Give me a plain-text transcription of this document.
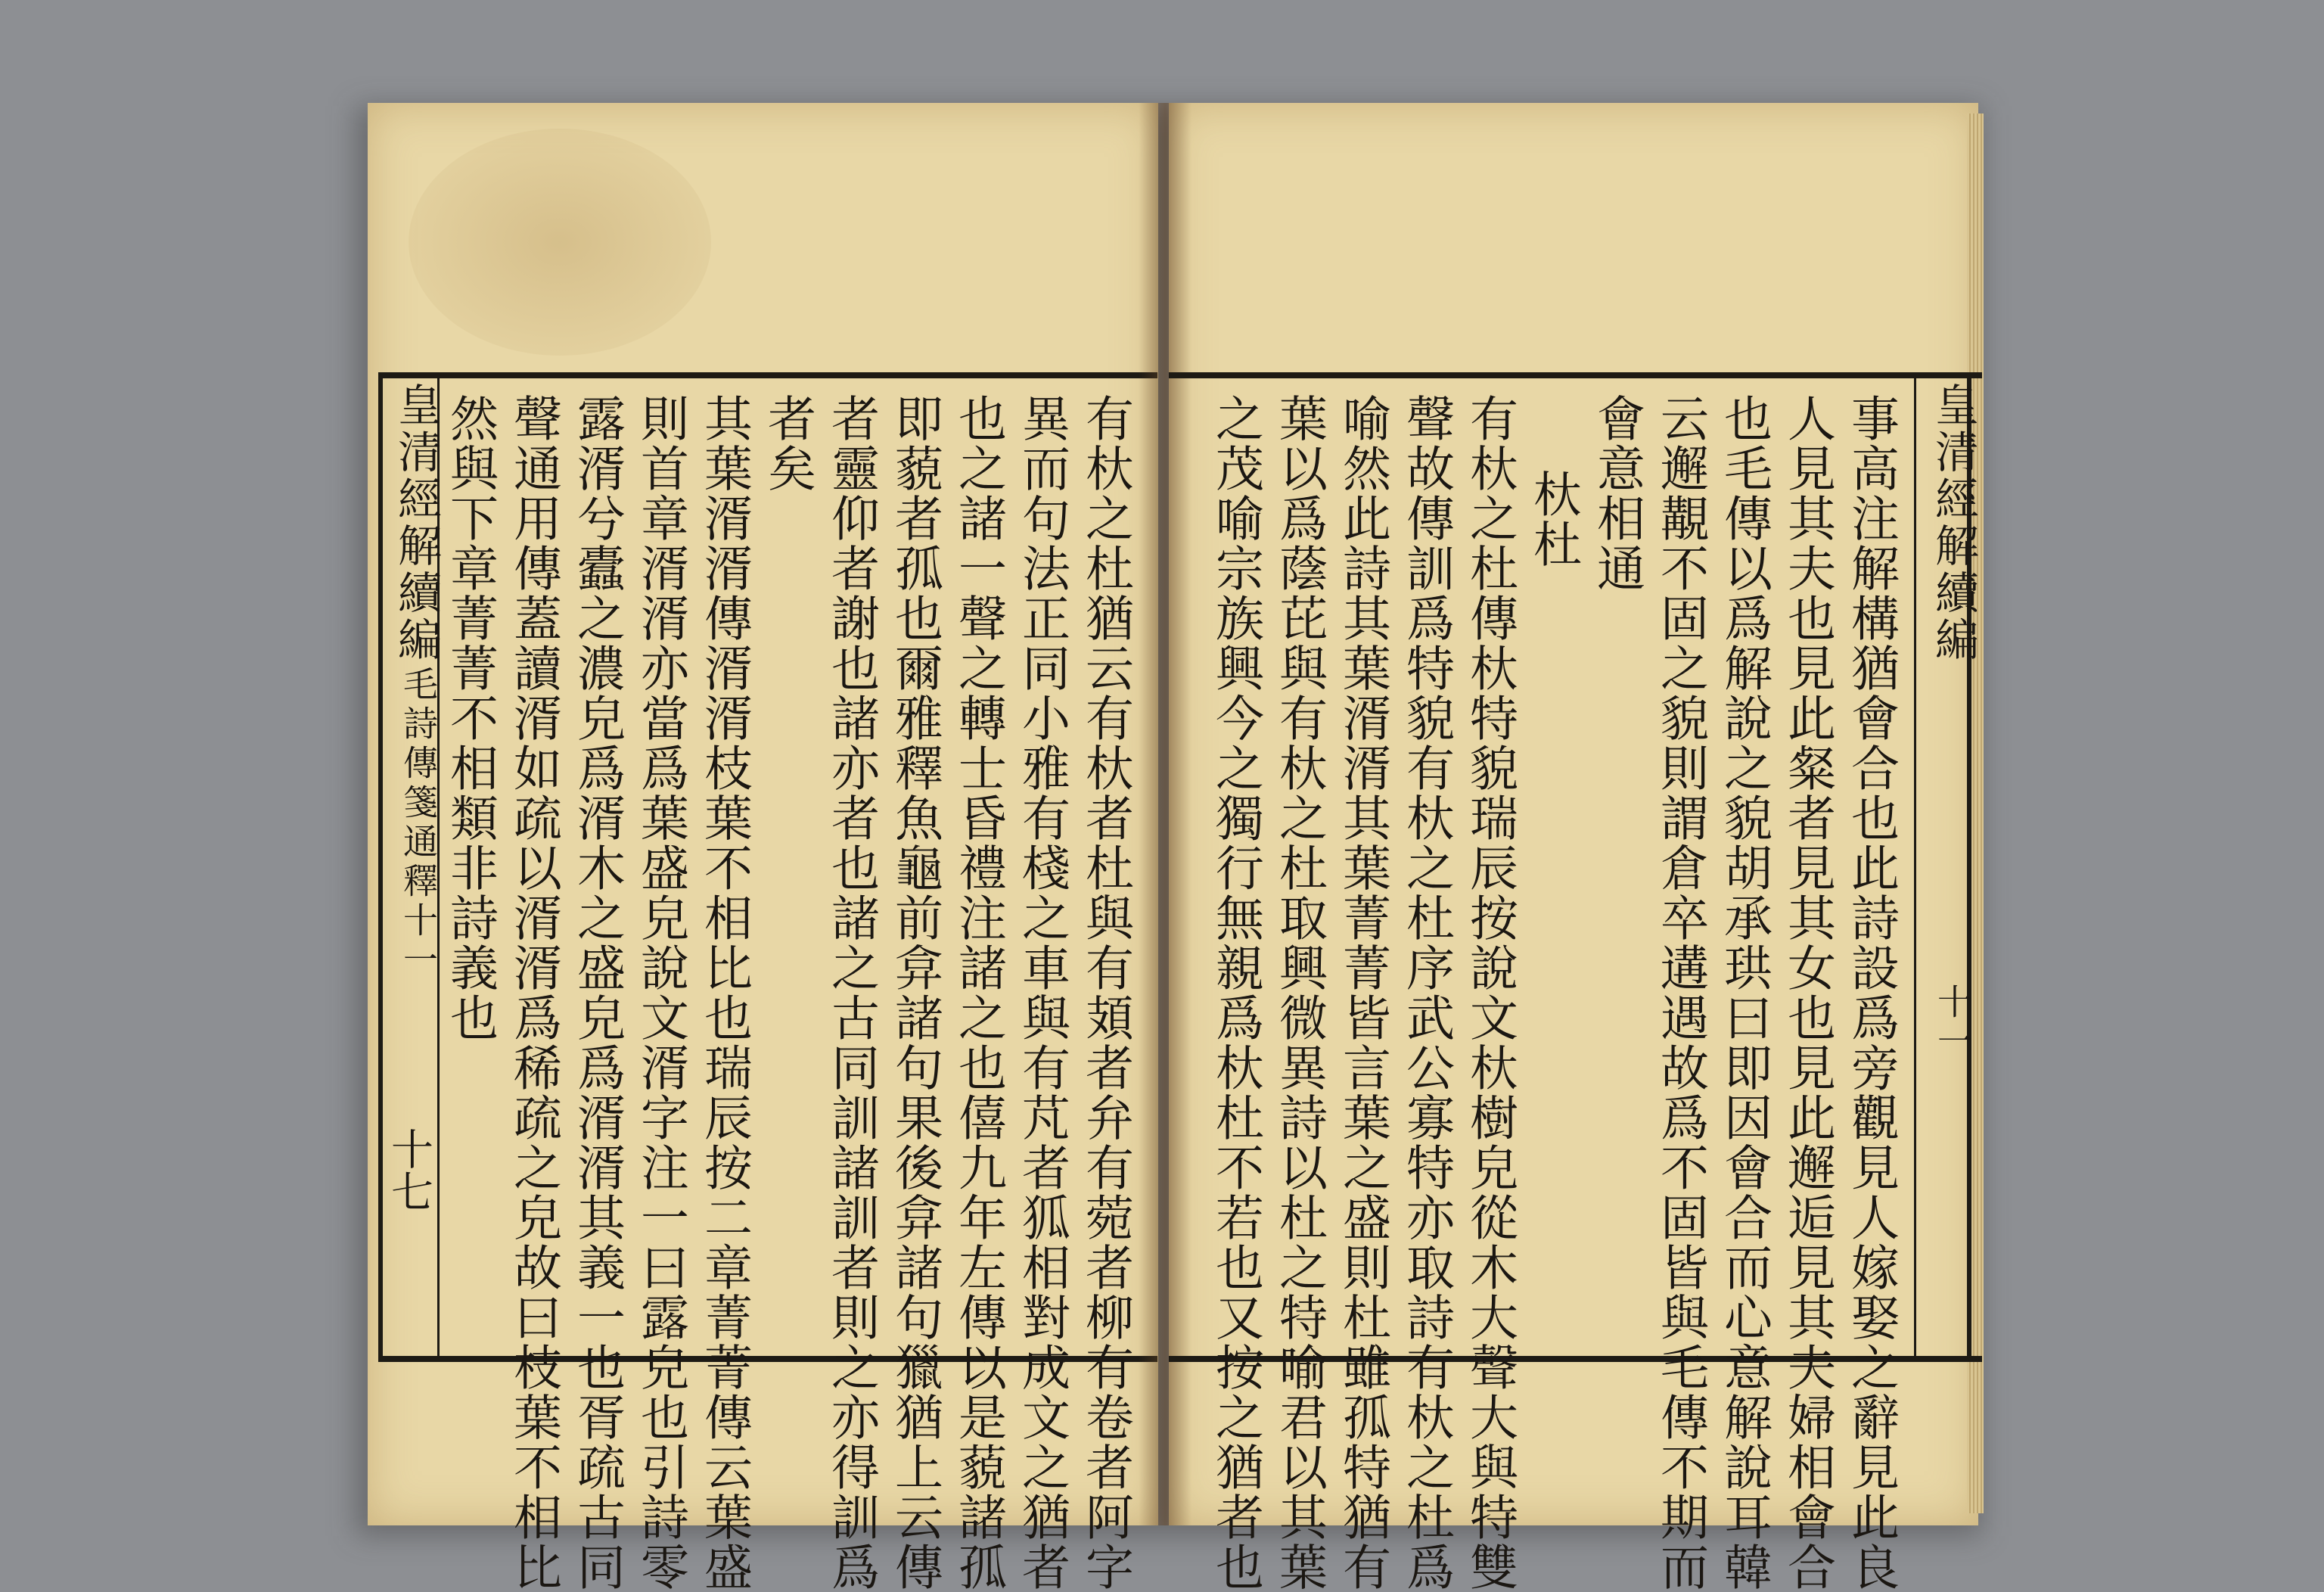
皇清經解續編
毛詩傳箋通釋十一
十七	有杕之杜猶云有杕者杜與有頍者弁有菀者柳有卷者阿字
異而句法正同小雅有棧之車與有芃者狐相對成文之猶者
也之諸一聲之轉士昏禮注諸之也僖九年左傳以是藐諸孤
即藐者孤也爾雅釋魚龜前弇諸句果後弇諸句獵猶上云傳
者靈仰者謝也諸亦者也諸之古同訓諸訓者則之亦得訓爲
者矣
其葉湑湑傳湑湑枝葉不相比也瑞辰按二章菁菁傳云葉盛
則首章湑湑亦當爲葉盛皃說文湑字注一曰露皃也引詩零
露湑兮蠹之濃皃爲湑木之盛皃爲湑湑其義一也胥疏古同
聲通用傳蓋讀湑如疏以湑湑爲稀疏之皃故曰枝葉不相比
然與下章菁菁不相類非詩義也	皇清經解續編
十一
事高注解構猶會合也此詩設爲旁觀見人嫁娶之辭見此良
人見其夫也見此粲者見其女也見此邂逅見其夫婦相會合
也毛傳以爲解說之貌胡承珙曰即因會合而心意解說耳韓
云邂覯不固之貌則謂倉卒遘遇故爲不固皆與毛傳不期而
會意相通
杕杜
有杕之杜傳杕特貌瑞辰按說文杕樹皃從木大聲大與特雙
聲故傳訓爲特貌有杕之杜序武公寡特亦取詩有杕之杜爲
喻然此詩其葉湑湑其葉菁菁皆言葉之盛則杜雖孤特猶有
葉以爲蔭芘與有杕之杜取興微異詩以杜之特喻君以其葉
之茂喻宗族興今之獨行無親爲杕杜不若也又按之猶者也
